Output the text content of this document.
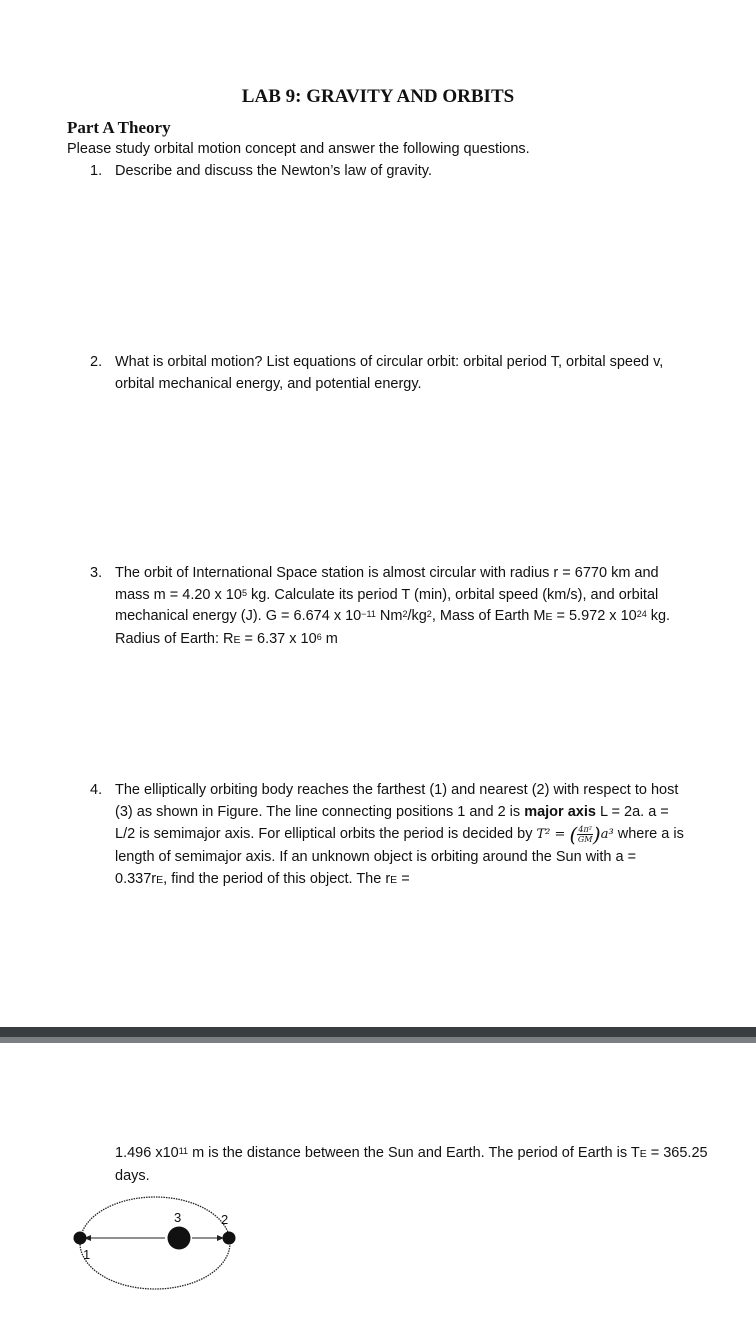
LAB 9: GRAVITY AND ORBITS
Part A Theory
Please study orbital motion concept and answer the following questions.
1. Describe and discuss the Newton’s law of gravity.
2. What is orbital motion? List equations of circular orbit: orbital period T, orbital speed v, orbital mechanical energy, and potential energy.
3. The orbit of International Space station is almost circular with radius r = 6770 km and mass m = 4.20 x $10^5$ kg. Calculate its period T (min), orbital speed (km/s), and orbital mechanical energy (J). G = 6.674 x $10^{-11}$ $Nm^2/kg^2$, Mass of Earth ME = 5.972 x $10^{24}$ kg. Radius of Earth: RE = 6.37 x $10^6$ m
4. The elliptically orbiting body reaches the farthest (1) and nearest (2) with respect to host (3) as shown in Figure. The line connecting positions 1 and 2 is major axis L = 2a. a = L/2 is semimajor axis. For elliptical orbits the period is decided by T² = ( $\frac{\text{4π²}}{GM} )a^3$ where a is length of semimajor axis. If an unknown object is orbiting around the Sun with a = 0.337rE, find the period of this object. The rE =
1.496 $x10^{11}$ m is the distance between the Sun and Earth. The period of Earth is TE = 365.25 days.
1
2
3
